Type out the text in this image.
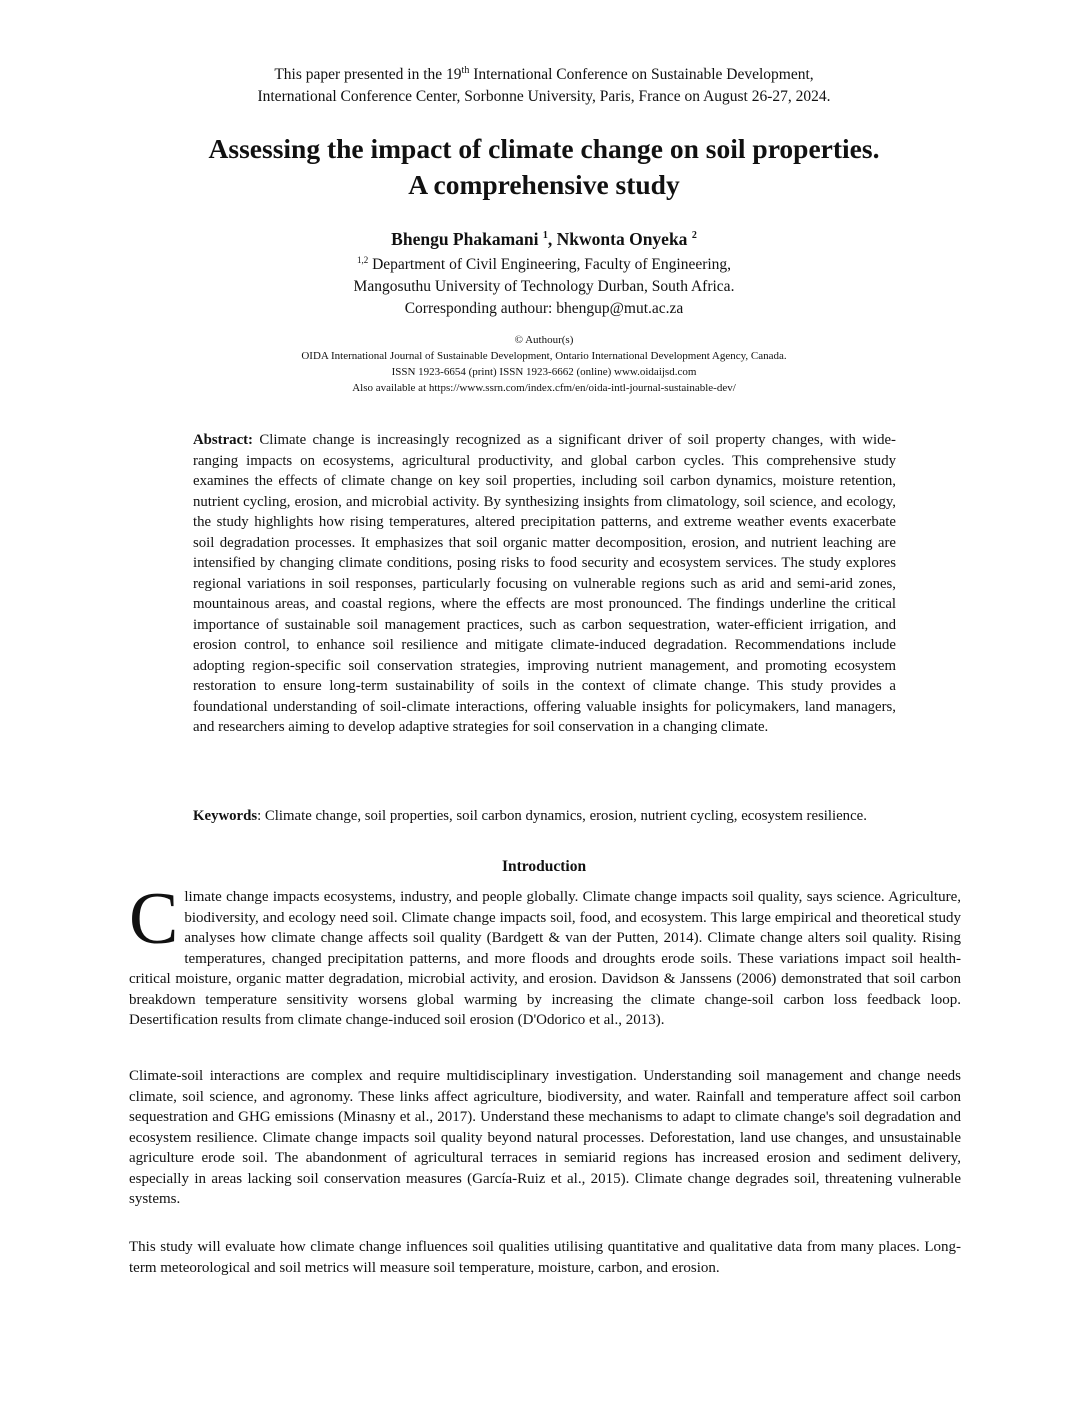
This paper presented in the 19th International Conference on Sustainable Development,
International Conference Center, Sorbonne University, Paris, France on August 26-27, 2024.
Assessing the impact of climate change on soil properties.
A comprehensive study
Bhengu Phakamani $^1$, Nkwonta Onyeka $^2$
$^{1,2}$ Department of Civil Engineering, Faculty of Engineering,
Mangosuthu University of Technology Durban, South Africa.
Corresponding authour: bhengup@mut.ac.za
© Authour(s)
OIDA International Journal of Sustainable Development, Ontario International Development Agency, Canada.
ISSN 1923-6654 (print) ISSN 1923-6662 (online) www.oidaijsd.com
Also available at https://www.ssrn.com/index.cfm/en/oida-intl-journal-sustainable-dev/

Abstract: Climate change is increasingly recognized as a significant driver of soil property changes, with wide-ranging impacts on ecosystems, agricultural productivity, and global carbon cycles. This comprehensive study examines the effects of climate change on key soil properties, including soil carbon dynamics, moisture retention, nutrient cycling, erosion, and microbial activity. By synthesizing insights from climatology, soil science, and ecology, the study highlights how rising temperatures, altered precipitation patterns, and extreme weather events exacerbate soil degradation processes. It emphasizes that soil organic matter decomposition, erosion, and nutrient leaching are intensified by changing climate conditions, posing risks to food security and ecosystem services. The study explores regional variations in soil responses, particularly focusing on vulnerable regions such as arid and semi-arid zones, mountainous areas, and coastal regions, where the effects are most pronounced. The findings underline the critical importance of sustainable soil management practices, such as carbon sequestration, water-efficient irrigation, and erosion control, to enhance soil resilience and mitigate climate-induced degradation. Recommendations include adopting region-specific soil conservation strategies, improving nutrient management, and promoting ecosystem restoration to ensure long-term sustainability of soils in the context of climate change. This study provides a foundational understanding of soil-climate interactions, offering valuable insights for policymakers, land managers, and researchers aiming to develop adaptive strategies for soil conservation in a changing climate.

Keywords: Climate change, soil properties, soil carbon dynamics, erosion, nutrient cycling, ecosystem resilience.

Introduction
C limate change impacts ecosystems, industry, and people globally. Climate change impacts soil quality, says science. Agriculture, biodiversity, and ecology need soil. Climate change impacts soil, food, and ecosystem. This large empirical and theoretical study analyses how climate change affects soil quality (Bardgett & van der Putten, 2014). Climate change alters soil quality. Rising temperatures, changed precipitation patterns, and more floods and droughts erode soils. These variations impact soil health-critical moisture, organic matter degradation, microbial activity, and erosion. Davidson & Janssens (2006) demonstrated that soil carbon breakdown temperature sensitivity worsens global warming by increasing the climate change-soil carbon loss feedback loop. Desertification results from climate change-induced soil erosion (D'Odorico et al., 2013).

Climate-soil interactions are complex and require multidisciplinary investigation. Understanding soil management and change needs climate, soil science, and agronomy. These links affect agriculture, biodiversity, and water. Rainfall and temperature affect soil carbon sequestration and GHG emissions (Minasny et al., 2017). Understand these mechanisms to adapt to climate change's soil degradation and ecosystem resilience. Climate change impacts soil quality beyond natural processes. Deforestation, land use changes, and unsustainable agriculture erode soil. The abandonment of agricultural terraces in semiarid regions has increased erosion and sediment delivery, especially in areas lacking soil conservation measures (García-Ruiz et al., 2015). Climate change degrades soil, threatening vulnerable systems.

This study will evaluate how climate change influences soil qualities utilising quantitative and qualitative data from many places. Long-term meteorological and soil metrics will measure soil temperature, moisture, carbon, and erosion.
